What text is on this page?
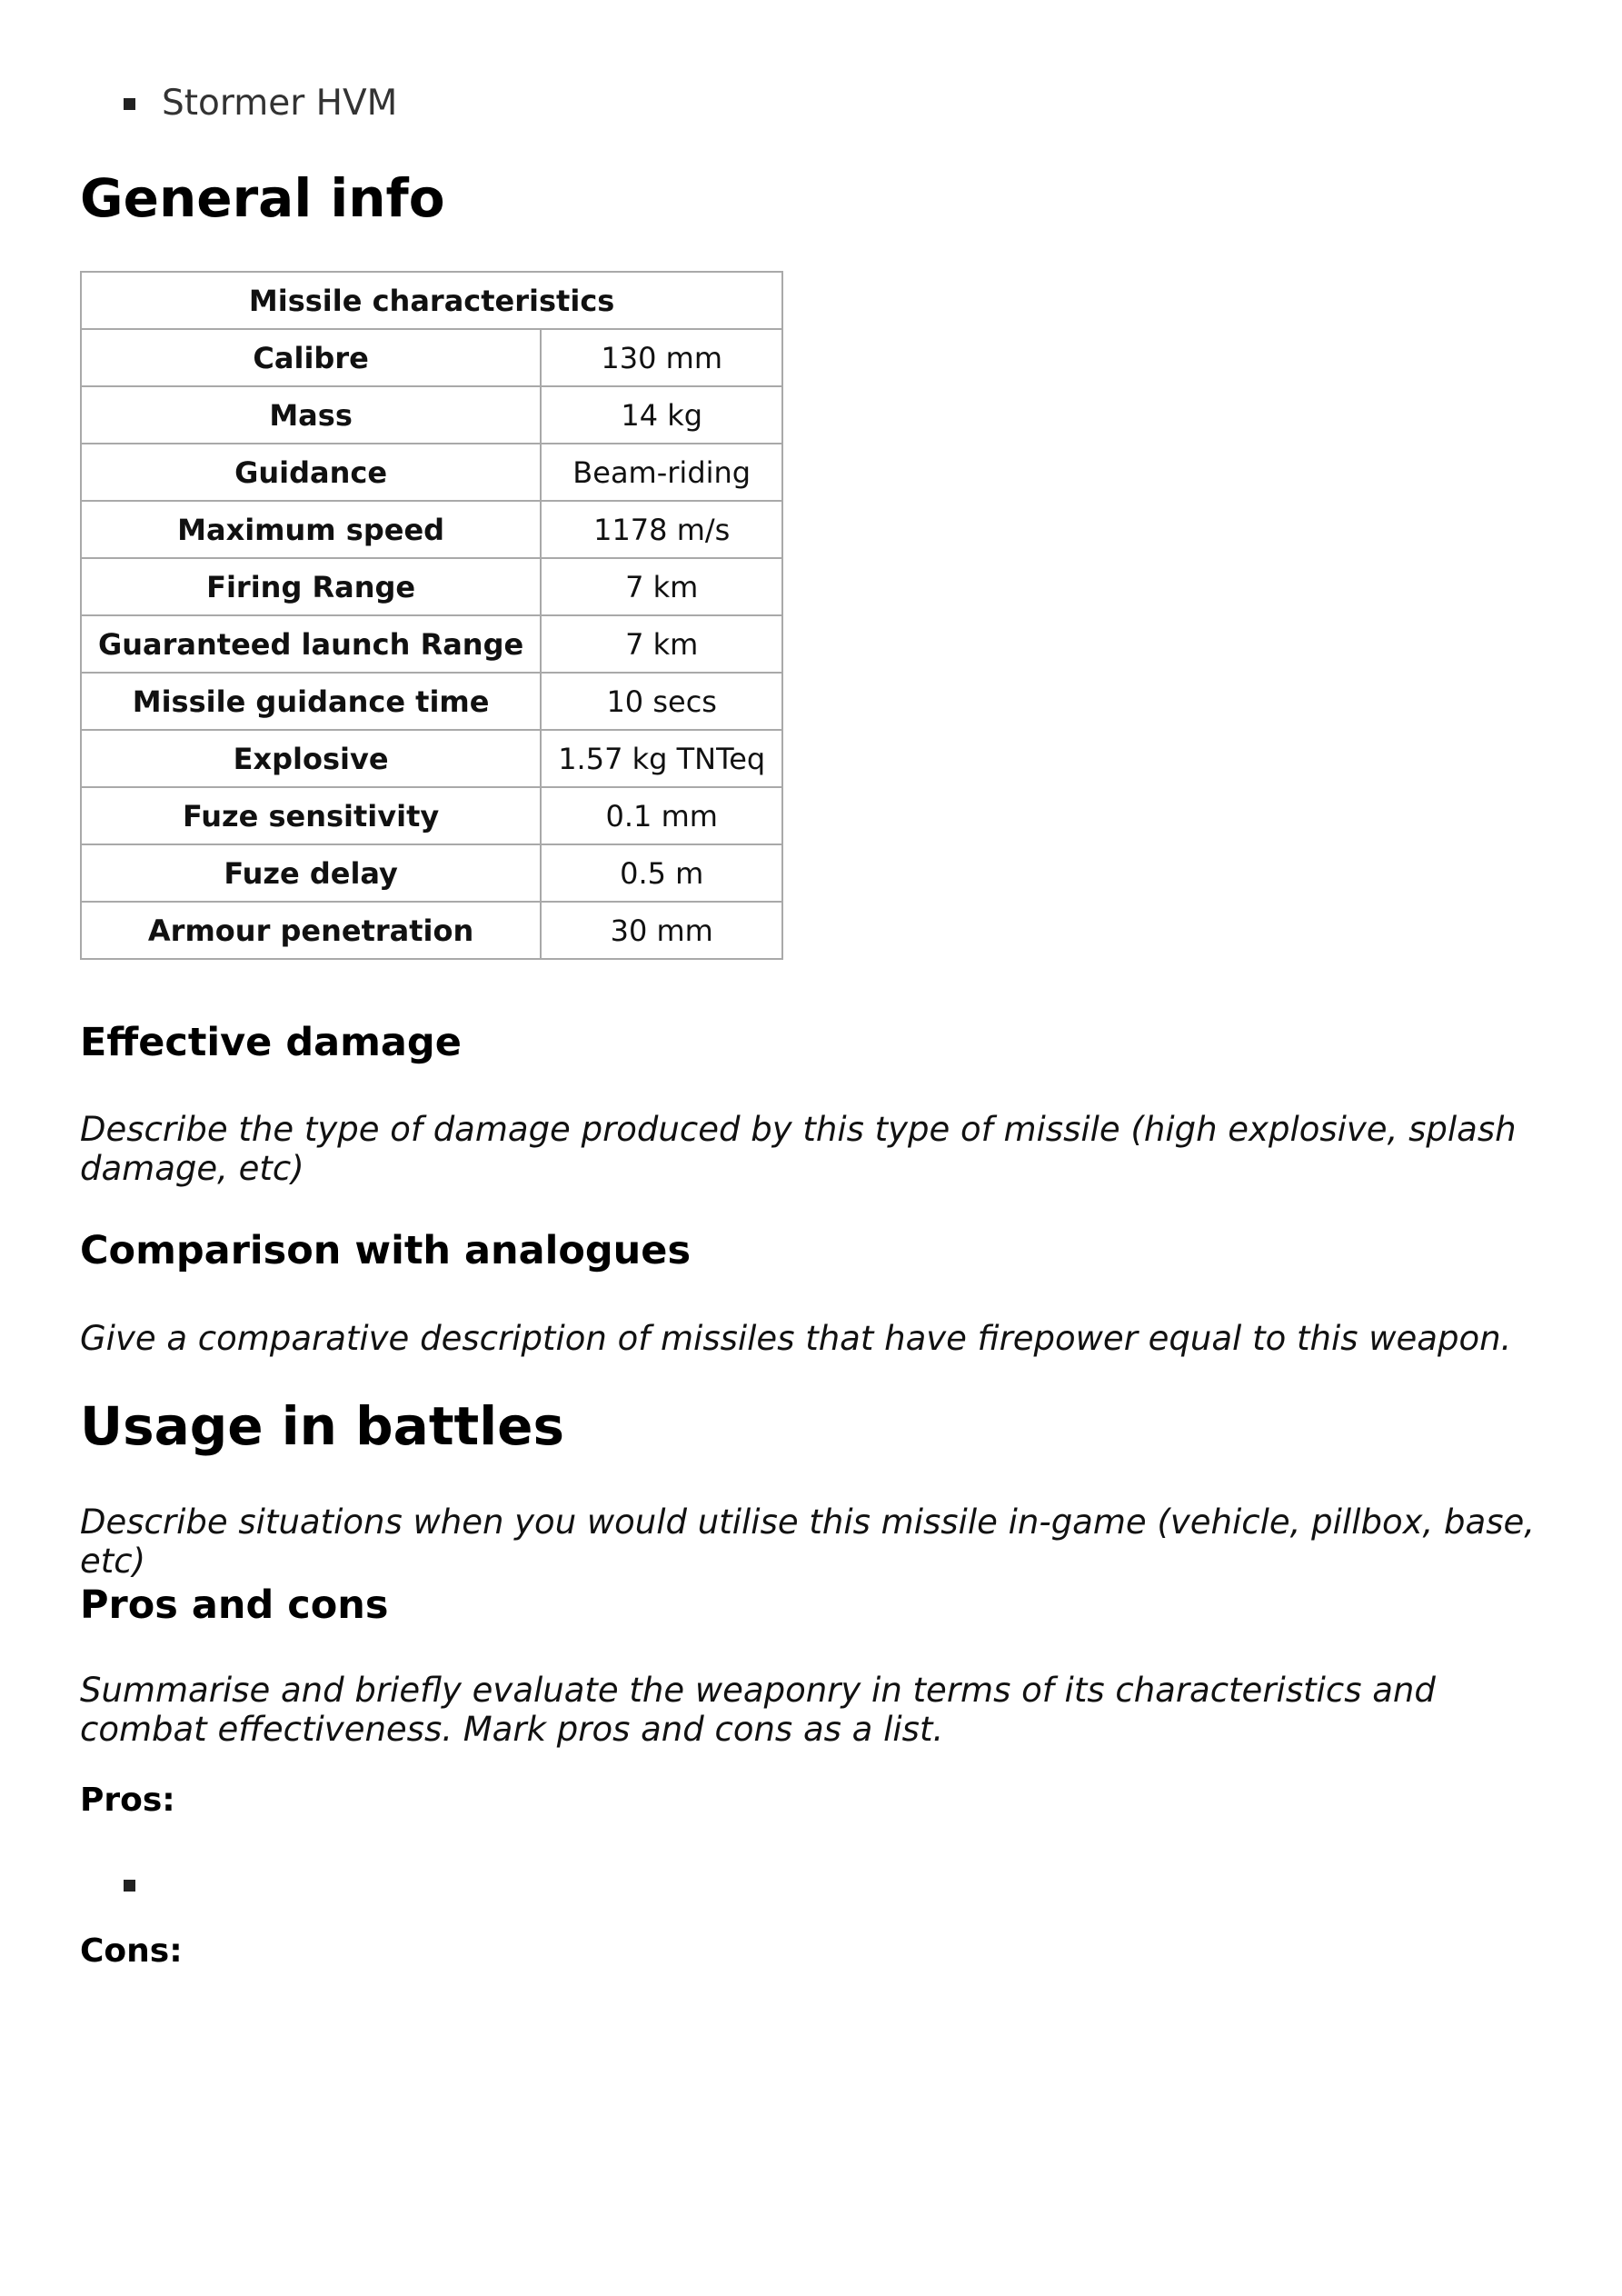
Stormer HVM
General info
Missile characteristics	
Calibre	130 mm
Mass	14 kg
Guidance	Beam-riding
Maximum speed	1178 m/s
Firing Range	7 km
Guaranteed launch Range	7 km
Missile guidance time	10 secs
Explosive	1.57 kg TNTeq
Fuze sensitivity	0.1 mm
Fuze delay	0.5 m
Armour penetration	30 mm
Effective damage

Describe the type of damage produced by this type of missile (high explosive, splash damage, etc)

Comparison with analogues

Give a comparative description of missiles that have firepower equal to this weapon.

Usage in battles

Describe situations when you would utilise this missile in-game (vehicle, pillbox, base, etc)

Pros and cons

Summarise and briefly evaluate the weaponry in terms of its characteristics and combat effectiveness. Mark pros and cons as a list.

Pros:

Cons:
